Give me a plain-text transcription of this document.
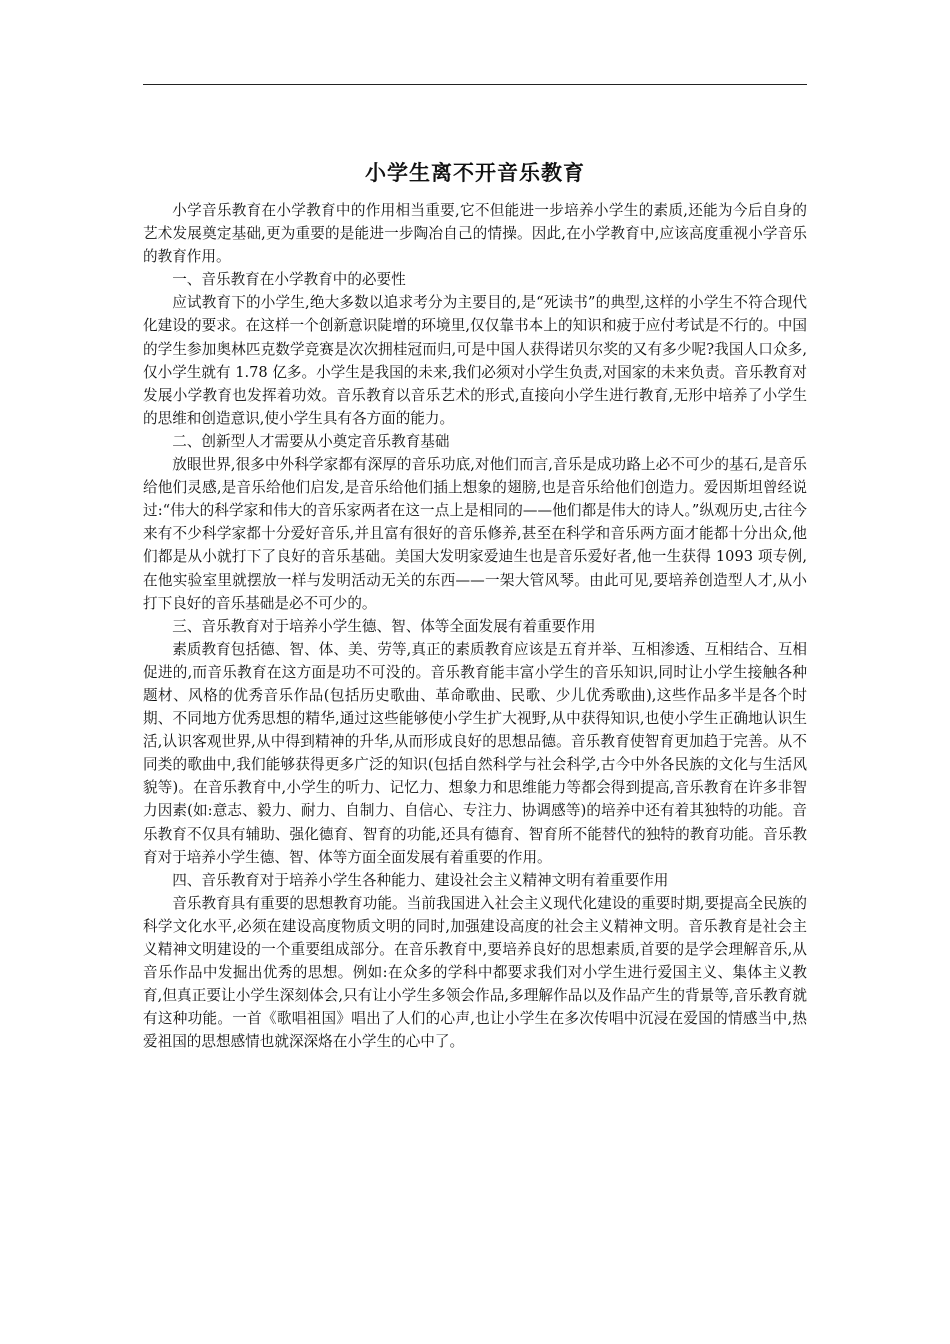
小学生离不开音乐教育

小学音乐教育在小学教育中的作用相当重要,它不但能进一步培养小学生的素质,还能为今后自身的艺术发展奠定基础,更为重要的是能进一步陶冶自己的情操。因此,在小学教育中,应该高度重视小学音乐的教育作用。

一、音乐教育在小学教育中的必要性

应试教育下的小学生,绝大多数以追求考分为主要目的,是“死读书”的典型,这样的小学生不符合现代化建设的要求。在这样一个创新意识陡增的环境里,仅仅靠书本上的知识和疲于应付考试是不行的。中国的学生参加奥林匹克数学竞赛是次次拥桂冠而归,可是中国人获得诺贝尔奖的又有多少呢?我国人口众多,仅小学生就有 1.78 亿多。小学生是我国的未来,我们必须对小学生负责,对国家的未来负责。音乐教育对发展小学教育也发挥着功效。音乐教育以音乐艺术的形式,直接向小学生进行教育,无形中培养了小学生的思维和创造意识,使小学生具有各方面的能力。

二、创新型人才需要从小奠定音乐教育基础

放眼世界,很多中外科学家都有深厚的音乐功底,对他们而言,音乐是成功路上必不可少的基石,是音乐给他们灵感,是音乐给他们启发,是音乐给他们插上想象的翅膀,也是音乐给他们创造力。爱因斯坦曾经说过:“伟大的科学家和伟大的音乐家两者在这一点上是相同的——他们都是伟大的诗人。”纵观历史,古往今来有不少科学家都十分爱好音乐,并且富有很好的音乐修养,甚至在科学和音乐两方面才能都十分出众,他们都是从小就打下了良好的音乐基础。美国大发明家爱迪生也是音乐爱好者,他一生获得 1093 项专例,在他实验室里就摆放一样与发明活动无关的东西——一架大管风琴。由此可见,要培养创造型人才,从小打下良好的音乐基础是必不可少的。

三、音乐教育对于培养小学生德、智、体等全面发展有着重要作用

素质教育包括德、智、体、美、劳等,真正的素质教育应该是五育并举、互相渗透、互相结合、互相促进的,而音乐教育在这方面是功不可没的。音乐教育能丰富小学生的音乐知识,同时让小学生接触各种题材、风格的优秀音乐作品(包括历史歌曲、革命歌曲、民歌、少儿优秀歌曲),这些作品多半是各个时期、不同地方优秀思想的精华,通过这些能够使小学生扩大视野,从中获得知识,也使小学生正确地认识生活,认识客观世界,从中得到精神的升华,从而形成良好的思想品德。音乐教育使智育更加趋于完善。从不同类的歌曲中,我们能够获得更多广泛的知识(包括自然科学与社会科学,古今中外各民族的文化与生活风貌等)。在音乐教育中,小学生的听力、记忆力、想象力和思维能力等都会得到提高,音乐教育在许多非智力因素(如:意志、毅力、耐力、自制力、自信心、专注力、协调感等)的培养中还有着其独特的功能。音乐教育不仅具有辅助、强化德育、智育的功能,还具有德育、智育所不能替代的独特的教育功能。音乐教育对于培养小学生德、智、体等方面全面发展有着重要的作用。

四、音乐教育对于培养小学生各种能力、建设社会主义精神文明有着重要作用

音乐教育具有重要的思想教育功能。当前我国进入社会主义现代化建设的重要时期,要提高全民族的科学文化水平,必须在建设高度物质文明的同时,加强建设高度的社会主义精神文明。音乐教育是社会主义精神文明建设的一个重要组成部分。在音乐教育中,要培养良好的思想素质,首要的是学会理解音乐,从音乐作品中发掘出优秀的思想。例如:在众多的学科中都要求我们对小学生进行爱国主义、集体主义教育,但真正要让小学生深刻体会,只有让小学生多领会作品,多理解作品以及作品产生的背景等,音乐教育就有这种功能。一首《歌唱祖国》唱出了人们的心声,也让小学生在多次传唱中沉浸在爱国的情感当中,热爱祖国的思想感情也就深深烙在小学生的心中了。
